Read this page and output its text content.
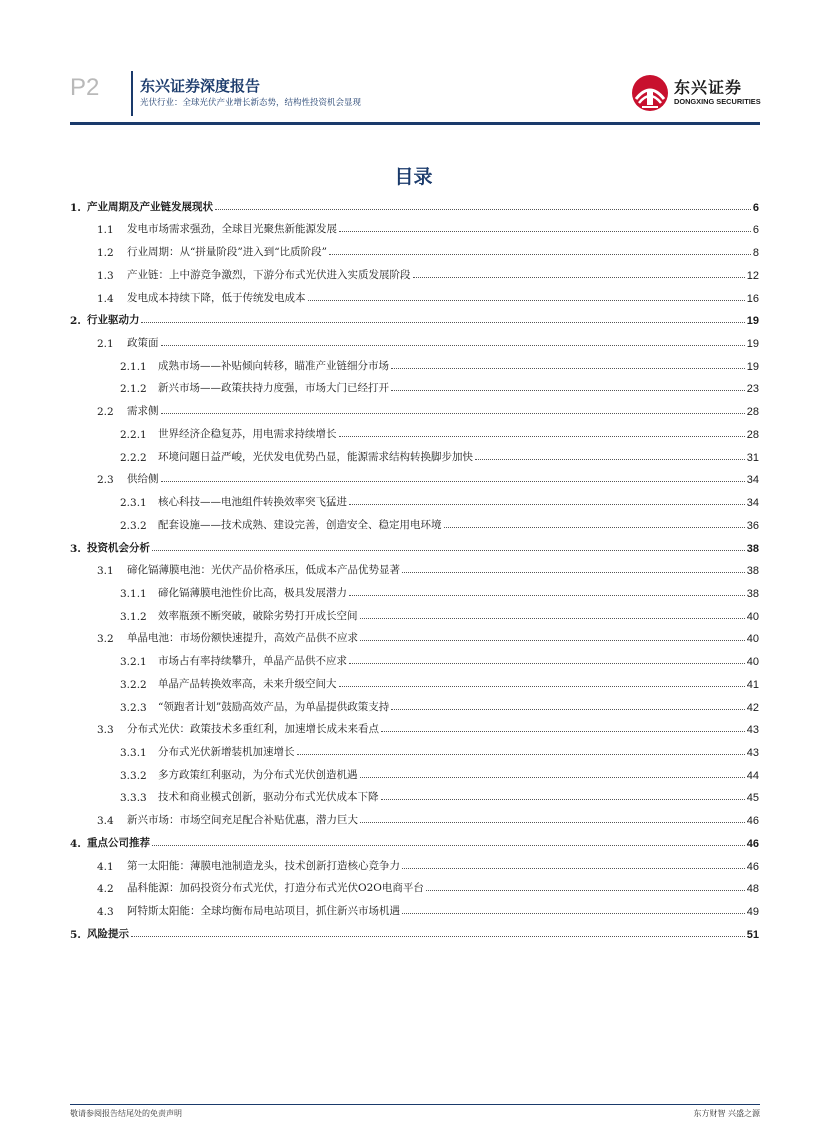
P2	东兴证券深度报告
光伏行业：全球光伏产业增长新态势，结构性投资机会显现
东兴证券
DONGXING SECURITIES
目录
1. 产业周期及产业链发展现状	6
1.1	发电市场需求强劲，全球目光聚焦新能源发展	6
1.2	行业周期：从“拼量阶段”进入到“比质阶段”	8
1.3	产业链：上中游竞争激烈，下游分布式光伏进入实质发展阶段	12
1.4	发电成本持续下降，低于传统发电成本	16
2. 行业驱动力	19
2.1	政策面	19
2.1.1	成熟市场——补贴倾向转移，瞄准产业链细分市场	19
2.1.2	新兴市场——政策扶持力度强，市场大门已经打开	23
2.2	需求侧	28
2.2.1	世界经济企稳复苏，用电需求持续增长	28
2.2.2	环境问题日益严峻，光伏发电优势凸显，能源需求结构转换脚步加快	31
2.3	供给侧	34
2.3.1	核心科技——电池组件转换效率突飞猛进	34
2.3.2	配套设施——技术成熟、建设完善，创造安全、稳定用电环境	36
3. 投资机会分析	38
3.1	碲化镉薄膜电池：光伏产品价格承压，低成本产品优势显著	38
3.1.1	碲化镉薄膜电池性价比高，极具发展潜力	38
3.1.2	效率瓶颈不断突破，破除劣势打开成长空间	40
3.2	单晶电池：市场份额快速提升，高效产品供不应求	40
3.2.1	市场占有率持续攀升，单晶产品供不应求	40
3.2.2	单晶产品转换效率高，未来升级空间大	41
3.2.3	“领跑者计划”鼓励高效产品，为单晶提供政策支持	42
3.3	分布式光伏：政策技术多重红利，加速增长成未来看点	43
3.3.1	分布式光伏新增装机加速增长	43
3.3.2	多方政策红利驱动，为分布式光伏创造机遇	44
3.3.3	技术和商业模式创新，驱动分布式光伏成本下降	45
3.4	新兴市场：市场空间充足配合补贴优惠，潜力巨大	46
4. 重点公司推荐	46
4.1	第一太阳能：薄膜电池制造龙头，技术创新打造核心竞争力	46
4.2	晶科能源：加码投资分布式光伏，打造分布式光伏O2O电商平台	48
4.3	阿特斯太阳能：全球均衡布局电站项目，抓住新兴市场机遇	49
5. 风险提示	51
敬请参阅报告结尾处的免责声明	东方财智 兴盛之源
